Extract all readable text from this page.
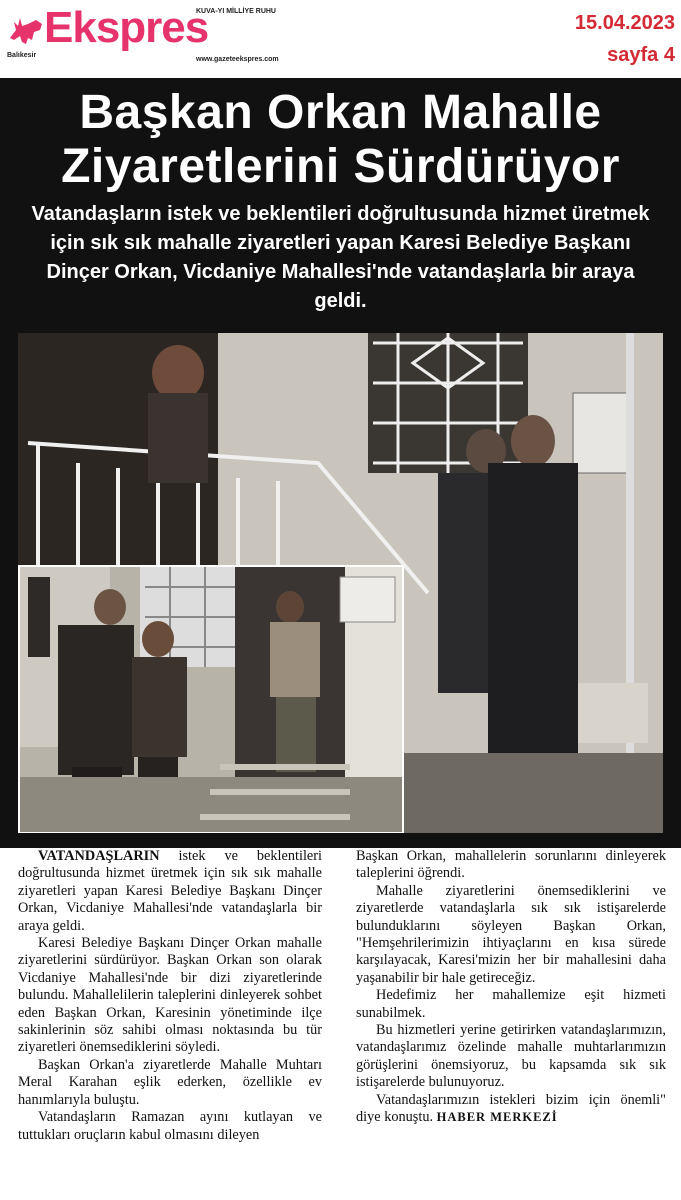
Ekspres
KUVA-YI MİLLİYE RUHU
Balıkesir
www.gazeteekspres.com
15.04.2023
sayfa 4
Başkan Orkan Mahalle
Ziyaretlerini Sürdürüyor
Vatandaşların istek ve beklentileri doğrultusunda hizmet üretmek için sık sık mahalle ziyaretleri yapan Karesi Belediye Başkanı Dinçer Orkan, Vicdaniye Mahallesi'nde vatandaşlarla bir araya geldi.

VATANDAŞLARIN istek ve beklentileri doğrultusunda hizmet üretmek için sık sık mahalle ziyaretleri yapan Karesi Belediye Başkanı Dinçer Orkan, Vicdaniye Mahallesi'nde vatandaşlarla bir araya geldi.

Karesi Belediye Başkanı Dinçer Orkan mahalle ziyaretlerini sürdürüyor. Başkan Orkan son olarak Vicdaniye Mahallesi'nde bir dizi ziyaretlerinde bulundu. Mahallelilerin taleplerini dinleyerek sohbet eden Başkan Orkan, Karesinin yönetiminde ilçe sakinlerinin söz sahibi olması noktasında bu tür ziyaretleri önemsediklerini söyledi.

Başkan Orkan'a ziyaretlerde Mahalle Muhtarı Meral Karahan eşlik ederken, özellikle ev hanımlarıyla buluştu.

Vatandaşların Ramazan ayını kutlayan ve tuttukları oruçların kabul olmasını dileyen

Başkan Orkan, mahallelerin sorunlarını dinleyerek taleplerini öğrendi.

Mahalle ziyaretlerini önemsediklerini ve ziyaretlerde vatandaşlarla sık sık istişarelerde bulunduklarını söyleyen Başkan Orkan, "Hemşehrilerimizin ihtiyaçlarını en kısa sürede karşılayacak, Karesi'mizin her bir mahallesini daha yaşanabilir bir hale getireceğiz.

Hedefimiz her mahallemize eşit hizmeti sunabilmek.

Bu hizmetleri yerine getirirken vatandaşlarımızın, vatandaşlarımız özelinde mahalle muhtarlarımızın görüşlerini önemsiyoruz, bu kapsamda sık sık istişarelerde bulunuyoruz.

Vatandaşlarımızın istekleri bizim için önemli" diye konuştu. HABER MERKEZİ
